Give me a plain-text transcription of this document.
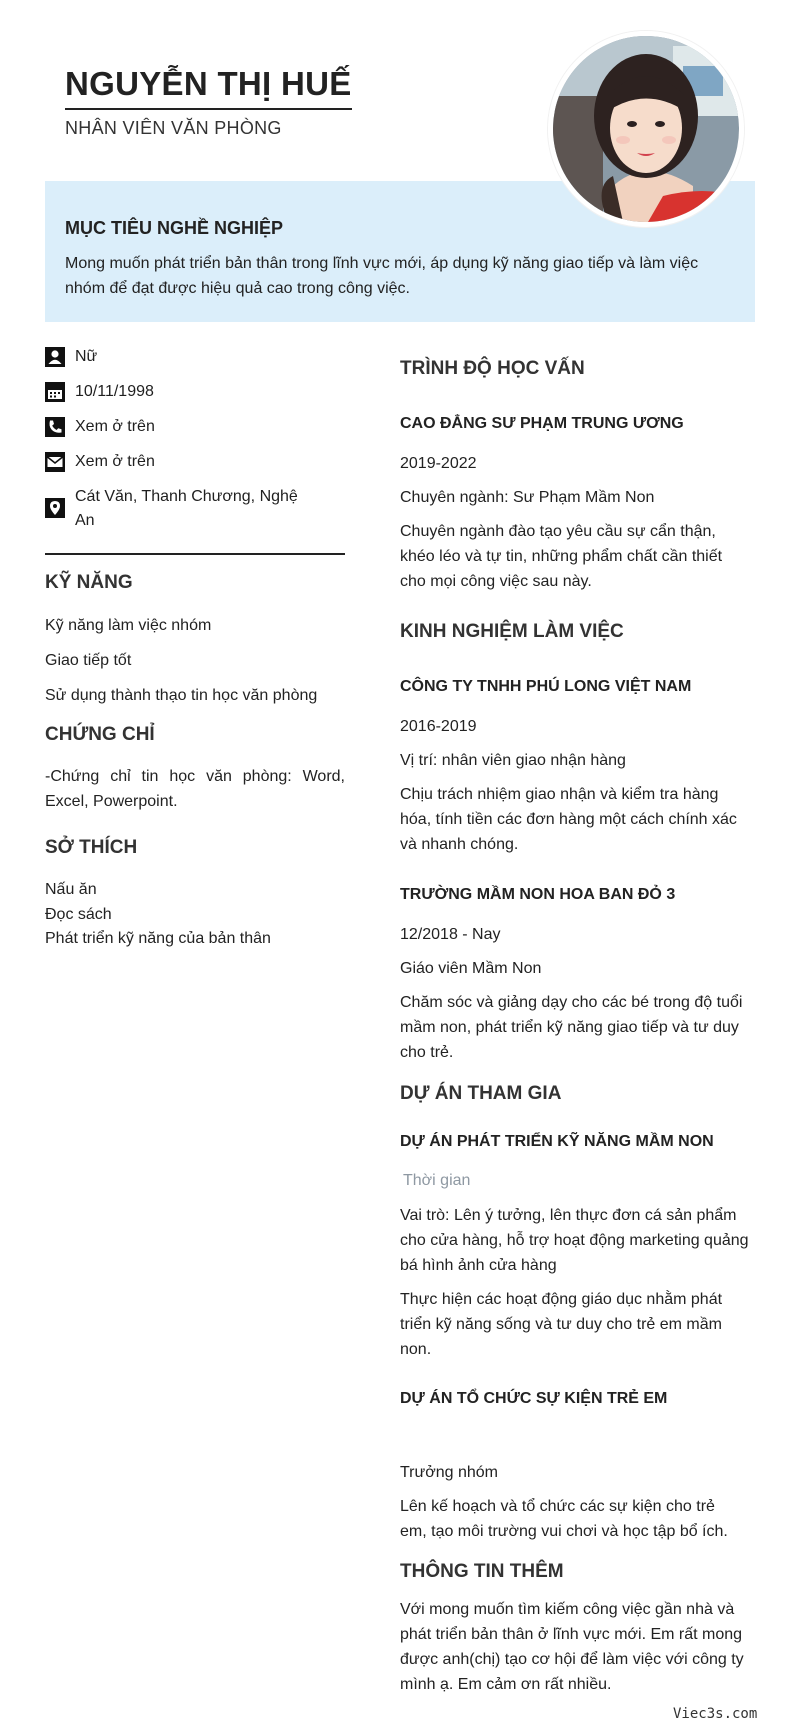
NGUYỄN THỊ HUẾ
NHÂN VIÊN VĂN PHÒNG
MỤC TIÊU NGHỀ NGHIỆP
Mong muốn phát triển bản thân trong lĩnh vực mới, áp dụng kỹ năng giao tiếp và làm việc nhóm để đạt được hiệu quả cao trong công việc.
Nữ
10/11/1998
Xem ở trên
Xem ở trên
Cát Văn, Thanh Chương, Nghệ An
KỸ NĂNG
Kỹ năng làm việc nhóm
Giao tiếp tốt
Sử dụng thành thạo tin học văn phòng
CHỨNG CHỈ
-Chứng chỉ tin học văn phòng: Word, Excel, Powerpoint.
SỞ THÍCH
Nấu ăn
Đọc sách
Phát triển kỹ năng của bản thân
TRÌNH ĐỘ HỌC VẤN
CAO ĐẲNG SƯ PHẠM TRUNG ƯƠNG
2019-2022
Chuyên ngành: Sư Phạm Mầm Non
Chuyên ngành đào tạo yêu cầu sự cẩn thận, khéo léo và tự tin, những phẩm chất cần thiết cho mọi công việc sau này.
KINH NGHIỆM LÀM VIỆC
CÔNG TY TNHH PHÚ LONG VIỆT NAM
2016-2019
Vị trí: nhân viên giao nhận hàng
Chịu trách nhiệm giao nhận và kiểm tra hàng hóa, tính tiền các đơn hàng một cách chính xác và nhanh chóng.
TRƯỜNG MẦM NON HOA BAN ĐỎ 3
12/2018 - Nay
Giáo viên Mầm Non
Chăm sóc và giảng dạy cho các bé trong độ tuổi mầm non, phát triển kỹ năng giao tiếp và tư duy cho trẻ.
DỰ ÁN THAM GIA
DỰ ÁN PHÁT TRIỂN KỸ NĂNG MẦM NON
Thời gian
Vai trò: Lên ý tưởng, lên thực đơn cá sản phẩm cho cửa hàng, hỗ trợ hoạt động marketing quảng bá hình ảnh cửa hàng
Thực hiện các hoạt động giáo dục nhằm phát triển kỹ năng sống và tư duy cho trẻ em mầm non.
DỰ ÁN TỔ CHỨC SỰ KIỆN TRẺ EM
Trưởng nhóm
Lên kế hoạch và tổ chức các sự kiện cho trẻ em, tạo môi trường vui chơi và học tập bổ ích.
THÔNG TIN THÊM
Với mong muốn tìm kiếm công việc gần nhà và phát triển bản thân ở lĩnh vực mới. Em rất mong được anh(chị) tạo cơ hội để làm việc với công ty mình ạ. Em cảm ơn rất nhiều.
Viec3s.com
